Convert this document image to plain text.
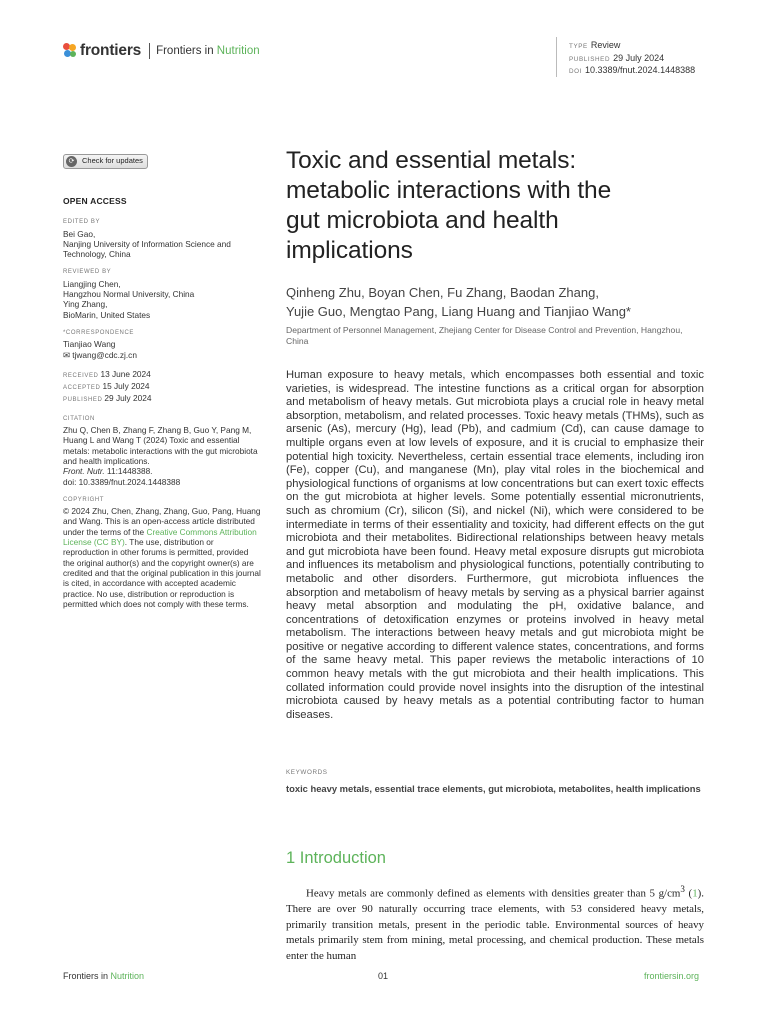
frontiers Frontiers in Nutrition	TYPE Review
PUBLISHED 29 July 2024
DOI 10.3389/fnut.2024.1448388
⟳	Check for updates
OPEN ACCESS
EDITED BY
Bei Gao,
Nanjing University of Information Science and Technology, China
REVIEWED BY
Liangjing Chen,
Hangzhou Normal University, China
Ying Zhang,
BioMarin, United States
*CORRESPONDENCE
Tianjiao Wang
✉ tjwang@cdc.zj.cn
RECEIVED 13 June 2024
ACCEPTED 15 July 2024
PUBLISHED 29 July 2024
CITATION
Zhu Q, Chen B, Zhang F, Zhang B, Guo Y, Pang M, Huang L and Wang T (2024) Toxic and essential metals: metabolic interactions with the gut microbiota and health implications.
Front. Nutr. 11:1448388.
doi: 10.3389/fnut.2024.1448388
COPYRIGHT
© 2024 Zhu, Chen, Zhang, Zhang, Guo, Pang, Huang and Wang. This is an open-access article distributed under the terms of the Creative Commons Attribution License (CC BY). The use, distribution or reproduction in other forums is permitted, provided the original author(s) and the copyright owner(s) are credited and that the original publication in this journal is cited, in accordance with accepted academic practice. No use, distribution or reproduction is permitted which does not comply with these terms.
Toxic and essential metals:
metabolic interactions with the
gut microbiota and health
implications
Qinheng Zhu, Boyan Chen, Fu Zhang, Baodan Zhang,
Yujie Guo, Mengtao Pang, Liang Huang and Tianjiao Wang*
Department of Personnel Management, Zhejiang Center for Disease Control and Prevention, Hangzhou, China
Human exposure to heavy metals, which encompasses both essential and toxic varieties, is widespread. The intestine functions as a critical organ for absorption and metabolism of heavy metals. Gut microbiota plays a crucial role in heavy metal absorption, metabolism, and related processes. Toxic heavy metals (THMs), such as arsenic (As), mercury (Hg), lead (Pb), and cadmium (Cd), can cause damage to multiple organs even at low levels of exposure, and it is crucial to emphasize their potential high toxicity. Nevertheless, certain essential trace elements, including iron (Fe), copper (Cu), and manganese (Mn), play vital roles in the biochemical and physiological functions of organisms at low concentrations but can exert toxic effects on the gut microbiota at higher levels. Some potentially essential micronutrients, such as chromium (Cr), silicon (Si), and nickel (Ni), which were considered to be intermediate in terms of their essentiality and toxicity, had different effects on the gut microbiota and their metabolites. Bidirectional relationships between heavy metals and gut microbiota have been found. Heavy metal exposure disrupts gut microbiota and influences its metabolism and physiological functions, potentially contributing to metabolic and other disorders. Furthermore, gut microbiota influences the absorption and metabolism of heavy metals by serving as a physical barrier against heavy metal absorption and modulating the pH, oxidative balance, and concentrations of detoxification enzymes or proteins involved in heavy metal metabolism. The interactions between heavy metals and gut microbiota might be positive or negative according to different valence states, concentrations, and forms of the same heavy metal. This paper reviews the metabolic interactions of 10 common heavy metals with the gut microbiota and their health implications. This collated information could provide novel insights into the disruption of the intestinal microbiota caused by heavy metals as a potential contributing factor to human diseases.
KEYWORDS
toxic heavy metals, essential trace elements, gut microbiota, metabolites, health implications
1 Introduction
Heavy metals are commonly defined as elements with densities greater than 5 $g/cm^3$ (1). There are over 90 naturally occurring trace elements, with 53 considered heavy metals, primarily transition metals, present in the periodic table. Environmental sources of heavy metals primarily stem from mining, metal processing, and chemical production. These metals enter the human
Frontiers in Nutrition	01	frontiersin.org
